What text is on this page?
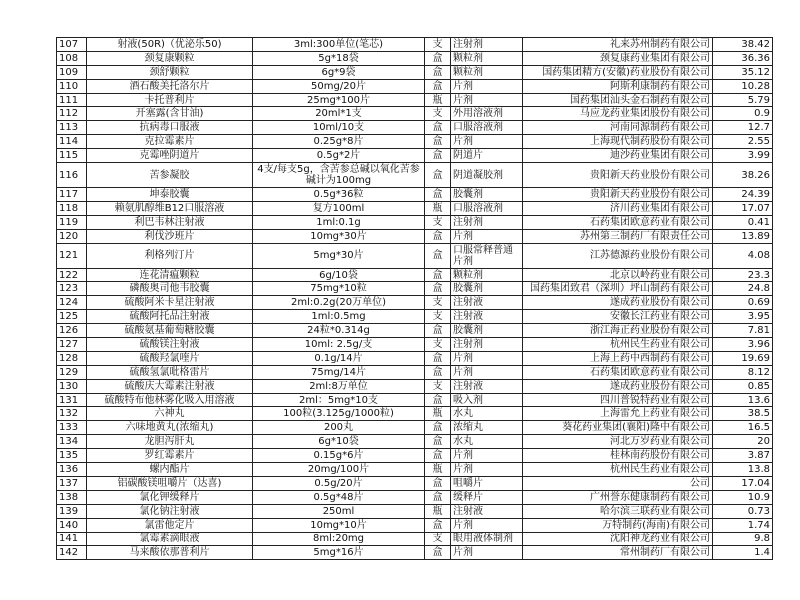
107	射液(50R)（优泌乐50)	3ml:300单位(笔芯)	支	注射剂	礼来苏州制药有限公司	38.42
108	颈复康颗粒	5g*18袋	盒	颗粒剂	颈复康药业集团有限公司	36.36
109	颈舒颗粒	6g*9袋	盒	颗粒剂	国药集团精方(安徽)药业股份有限公司	35.12
110	酒石酸美托洛尔片	50mg/20片	盒	片剂	阿斯利康制药有限公司	10.28
111	卡托普利片	25mg*100片	瓶	片剂	国药集团汕头金石制药有限公司	5.79
112	开塞露(含甘油)	20ml*1支	支	外用溶液剂	马应龙药业集团股份有限公司	0.9
113	抗病毒口服液	10ml/10支	盒	口服溶液剂	河南同源制药有限公司	12.7
114	克拉霉素片	0.25g*8片	盒	片剂	上海现代制药股份有限公司	2.55
115	克霉唑阴道片	0.5g*2片	盒	阴道片	迪沙药业集团有限公司	3.99
116	苦参凝胶	4支/每支5g，含苦参总碱以氧化苦参碱计为100mg	盒	阴道凝胶剂	贵阳新天药业股份有限公司	38.26
117	坤泰胶囊	0.5g*36粒	盒	胶囊剂	贵阳新天药业股份有限公司	24.39
118	赖氨肌醇维B12口服溶液	复方100ml	瓶	口服溶液剂	济川药业集团有限公司	17.07
119	利巴韦林注射液	1ml:0.1g	支	注射剂	石药集团欧意药业有限公司	0.41
120	利伐沙班片	10mg*30片	盒	片剂	苏州第三制药厂有限责任公司	13.89
121	利格列汀片	5mg*30片	盒	口服常释普通片剂	江苏德源药业股份有限公司	4.08
122	连花清瘟颗粒	6g/10袋	盒	颗粒剂	北京以岭药业有限公司	23.3
123	磷酸奥司他韦胶囊	75mg*10粒	盒	胶囊剂	国药集团致君（深圳）坪山制药有限公司	24.8
124	硫酸阿米卡星注射液	2ml:0.2g(20万单位)	支	注射液	遂成药业股份有限公司	0.69
125	硫酸阿托品注射液	1ml:0.5mg	支	注射液	安徽长江药业有限公司	3.95
126	硫酸氨基葡萄糖胶囊	24粒*0.314g	盒	胶囊剂	浙江海正药业股份有限公司	7.81
127	硫酸镁注射液	10ml: 2.5g/支	支	注射剂	杭州民生药业有限公司	3.96
128	硫酸羟氯喹片	0.1g/14片	盒	片剂	上海上药中西制药有限公司	19.69
129	硫酸氢氯吡格雷片	75mg/14片	盒	片剂	石药集团欧意药业有限公司	8.12
130	硫酸庆大霉素注射液	2ml:8万单位	支	注射液	遂成药业股份有限公司	0.85
131	硫酸特布他林雾化吸入用溶液	2ml：5mg*10支	盒	吸入剂	四川普锐特药业有限公司	13.6
132	六神丸	100粒(3.125g/1000粒)	瓶	水丸	上海雷允上药业有限公司	38.5
133	六味地黄丸(浓缩丸)	200丸	盒	浓缩丸	葵花药业集团(襄阳)隆中有限公司	16.5
134	龙胆泻肝丸	6g*10袋	盒	水丸	河北万岁药业有限公司	20
135	罗红霉素片	0.15g*6片	盒	片剂	桂林南药股份有限公司	3.87
136	螺内酯片	20mg/100片	瓶	片剂	杭州民生药业有限公司	13.8
137	铝碳酸镁咀嚼片（达喜)	0.5g/20片	盒	咀嚼片	公司	17.04
138	氯化钾缓释片	0.5g*48片	盒	缓释片	广州誉东健康制药有限公司	10.9
139	氯化钠注射液	250ml	瓶	注射液	哈尔滨三联药业有限公司	0.73
140	氯雷他定片	10mg*10片	盒	片剂	万特制药(海南)有限公司	1.74
141	氯霉素滴眼液	8ml:20mg	支	眼用液体制剂	沈阳神龙药业有限公司	9.8
142	马来酸依那普利片	5mg*16片	盒	片剂	常州制药厂有限公司	1.4
